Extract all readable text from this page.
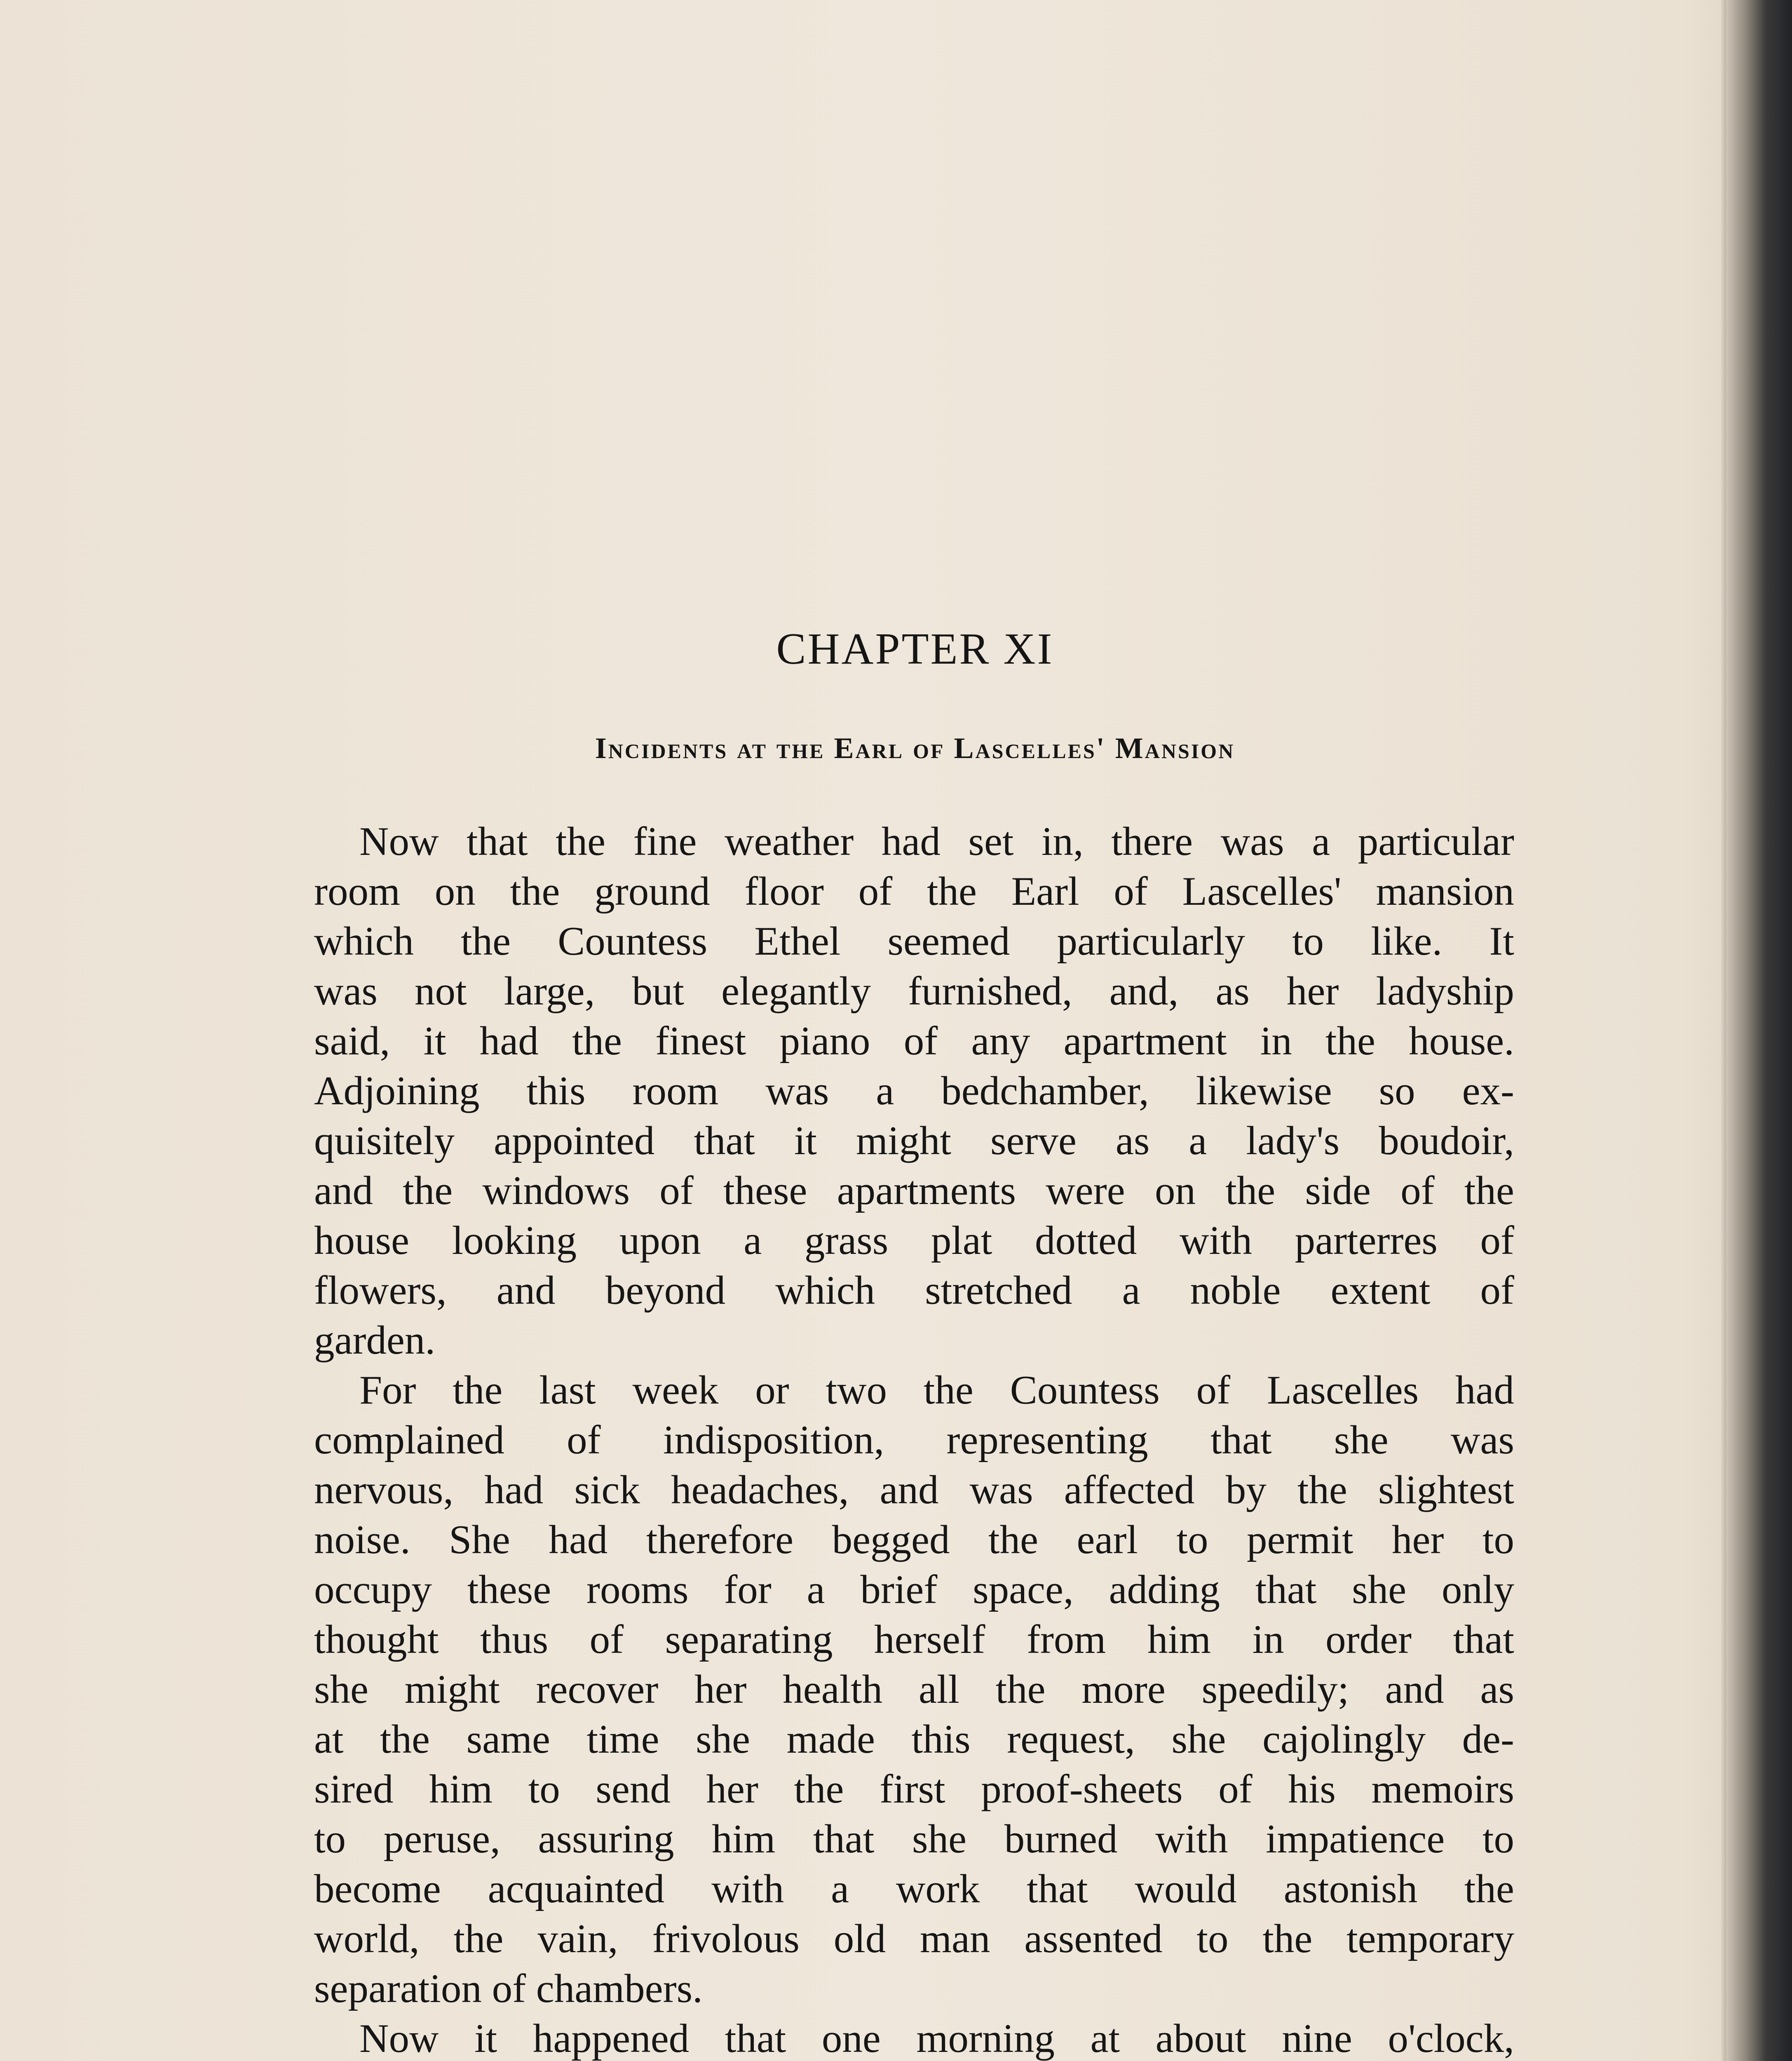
CHAPTER XI
Incidents at the Earl of Lascelles' Mansion
Now that the fine weather had set in, there was a particular
room on the ground floor of the Earl of Lascelles' mansion
which the Countess Ethel seemed particularly to like. It
was not large, but elegantly furnished, and, as her ladyship
said, it had the finest piano of any apartment in the house.
Adjoining this room was a bedchamber, likewise so ex-
quisitely appointed that it might serve as a lady's boudoir,
and the windows of these apartments were on the side of the
house looking upon a grass plat dotted with parterres of
flowers, and beyond which stretched a noble extent of
garden.
For the last week or two the Countess of Lascelles had
complained of indisposition, representing that she was
nervous, had sick headaches, and was affected by the slightest
noise. She had therefore begged the earl to permit her to
occupy these rooms for a brief space, adding that she only
thought thus of separating herself from him in order that
she might recover her health all the more speedily; and as
at the same time she made this request, she cajolingly de-
sired him to send her the first proof-sheets of his memoirs
to peruse, assuring him that she burned with impatience to
become acquainted with a work that would astonish the
world, the vain, frivolous old man assented to the temporary
separation of chambers.
Now it happened that one morning at about nine o'clock,
